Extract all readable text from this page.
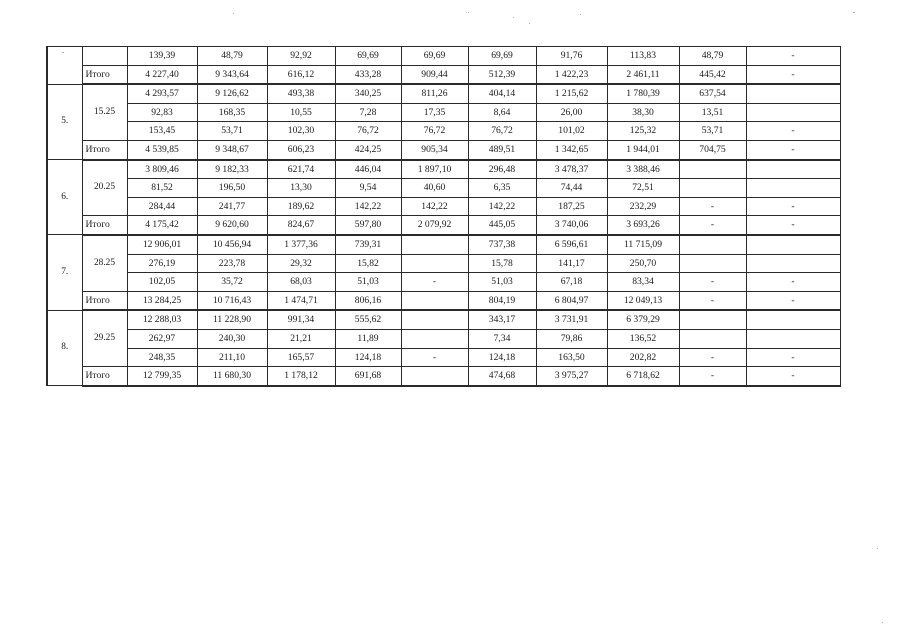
		139,39	48,79	92,92	69,69	69,69	69,69	91,76	113,83	48,79	-
	Итого	4 227,40	9 343,64	616,12	433,28	909,44	512,39	1 422,23	2 461,11	445,42	-
5.	15.25	4 293,57	9 126,62	493,38	340,25	811,26	404,14	1 215,62	1 780,39	637,54	
		92,83	168,35	10,55	7,28	17,35	8,64	26,00	38,30	13,51	
		153,45	53,71	102,30	76,72	76,72	76,72	101,02	125,32	53,71	-
	Итого	4 539,85	9 348,67	606,23	424,25	905,34	489,51	1 342,65	1 944,01	704,75	-
6.	20.25	3 809,46	9 182,33	621,74	446,04	1 897,10	296,48	3 478,37	3 388,46		
		81,52	196,50	13,30	9,54	40,60	6,35	74,44	72,51		
		284,44	241,77	189,62	142,22	142,22	142,22	187,25	232,29	-	-
	Итого	4 175,42	9 620,60	824,67	597,80	2 079,92	445,05	3 740,06	3 693,26	-	-
7.	28.25	12 906,01	10 456,94	1 377,36	739,31		737,38	6 596,61	11 715,09		
		276,19	223,78	29,32	15,82		15,78	141,17	250,70		
		102,05	35,72	68,03	51,03	-	51,03	67,18	83,34	-	-
	Итого	13 284,25	10 716,43	1 474,71	806,16		804,19	6 804,97	12 049,13	-	-
8.	29.25	12 288,03	11 228,90	991,34	555,62		343,17	3 731,91	6 379,29		
		262,97	240,30	21,21	11,89		7,34	79,86	136,52		
		248,35	211,10	165,57	124,18	-	124,18	163,50	202,82	-	-
	Итого	12 799,35	11 680,30	1 178,12	691,68		474,68	3 975,27	6 718,62	-	-
